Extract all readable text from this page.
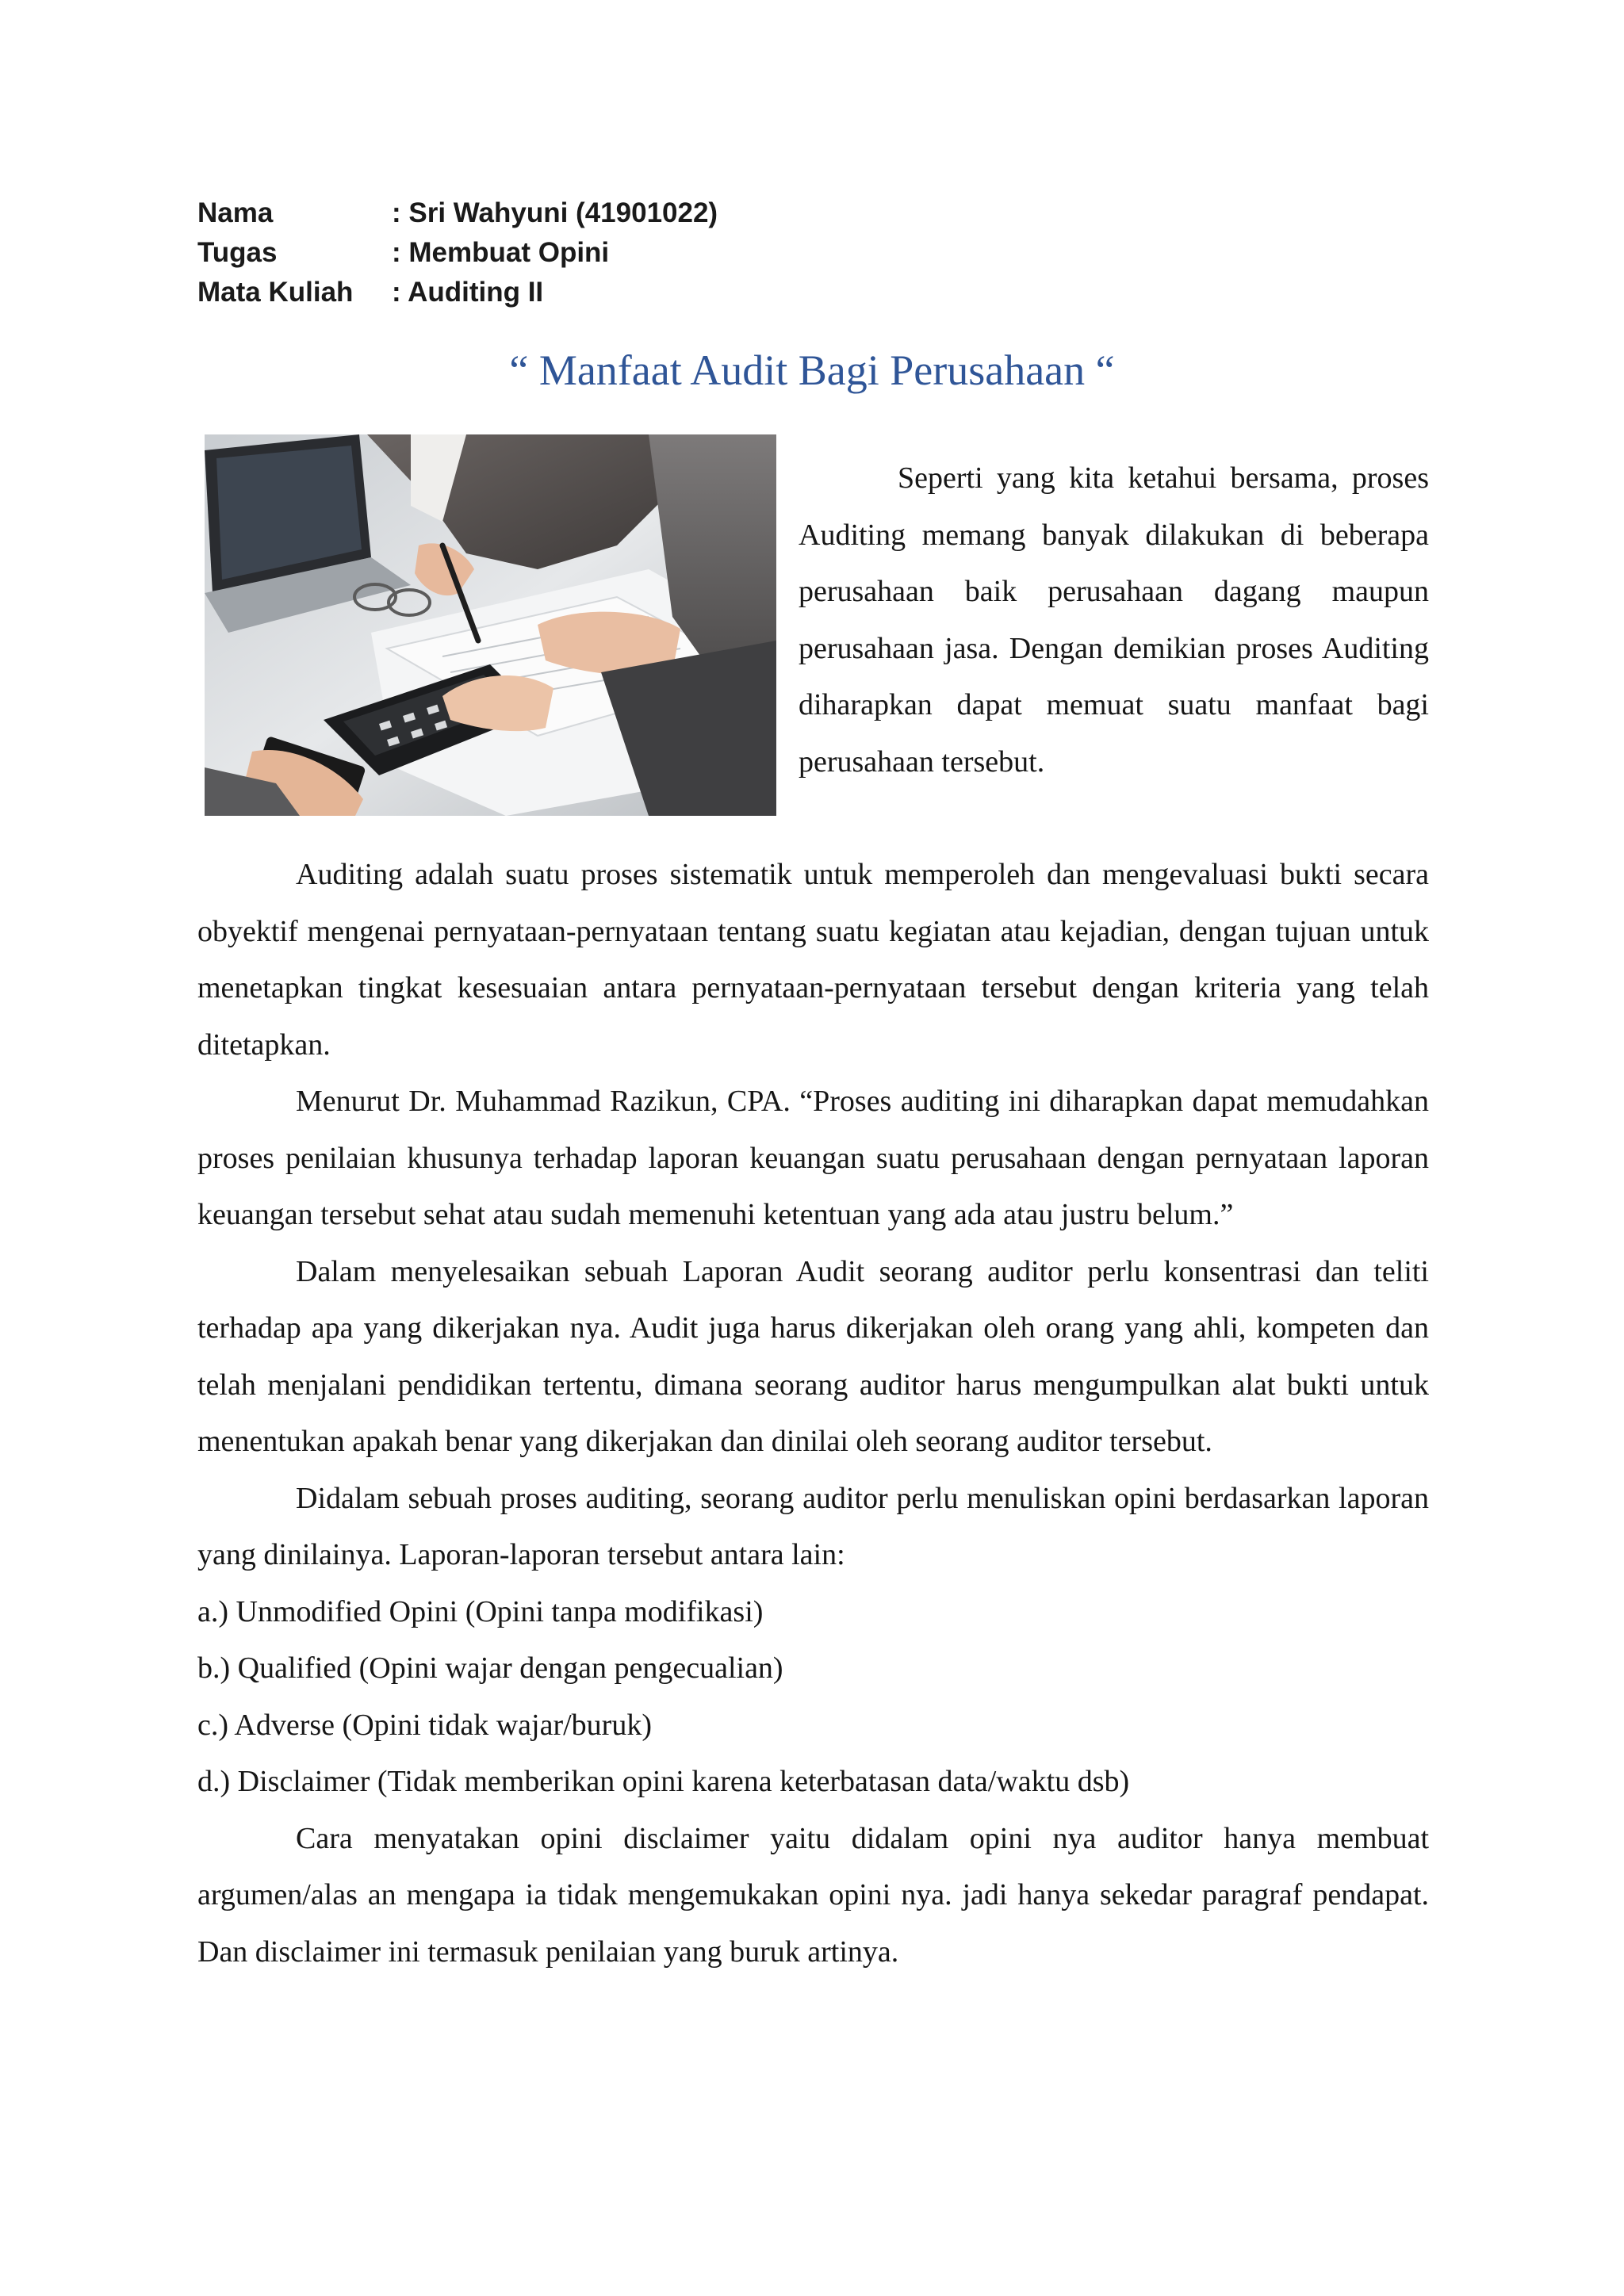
Nama	: Sri Wahyuni (41901022)
Tugas	: Membuat Opini
Mata Kuliah	: Auditing II
“ Manfaat Audit Bagi Perusahaan “

Seperti yang kita ketahui bersama, proses Auditing memang banyak dilakukan di beberapa perusahaan baik perusahaan dagang maupun perusahaan jasa. Dengan demikian proses Auditing diharapkan dapat memuat suatu manfaat bagi perusahaan tersebut.

Auditing adalah suatu proses sistematik untuk memperoleh dan mengevaluasi bukti secara obyektif mengenai pernyataan-pernyataan tentang suatu kegiatan atau kejadian, dengan tujuan untuk menetapkan tingkat kesesuaian antara pernyataan-pernyataan tersebut dengan kriteria yang telah ditetapkan.

Menurut Dr. Muhammad Razikun, CPA. “Proses auditing ini diharapkan dapat memudahkan proses penilaian khusunya terhadap laporan keuangan suatu perusahaan dengan pernyataan laporan keuangan tersebut sehat atau sudah memenuhi ketentuan yang ada atau justru belum.”

Dalam menyelesaikan sebuah Laporan Audit seorang auditor perlu konsentrasi dan teliti terhadap apa yang dikerjakan nya. Audit juga harus dikerjakan oleh orang yang ahli, kompeten dan telah menjalani pendidikan tertentu, dimana seorang auditor harus mengumpulkan alat bukti untuk menentukan apakah benar yang dikerjakan dan dinilai oleh seorang auditor tersebut.

Didalam sebuah proses auditing, seorang auditor perlu menuliskan opini berdasarkan laporan yang dinilainya. Laporan-laporan tersebut antara lain:

a.) Unmodified Opini (Opini tanpa modifikasi)

b.) Qualified (Opini wajar dengan pengecualian)

c.) Adverse (Opini tidak wajar/buruk)

d.) Disclaimer (Tidak memberikan opini karena keterbatasan data/waktu dsb)

Cara menyatakan opini disclaimer yaitu didalam opini nya auditor hanya membuat argumen/alas an mengapa ia tidak mengemukakan opini nya. jadi hanya sekedar paragraf pendapat. Dan disclaimer ini termasuk penilaian yang buruk artinya.
